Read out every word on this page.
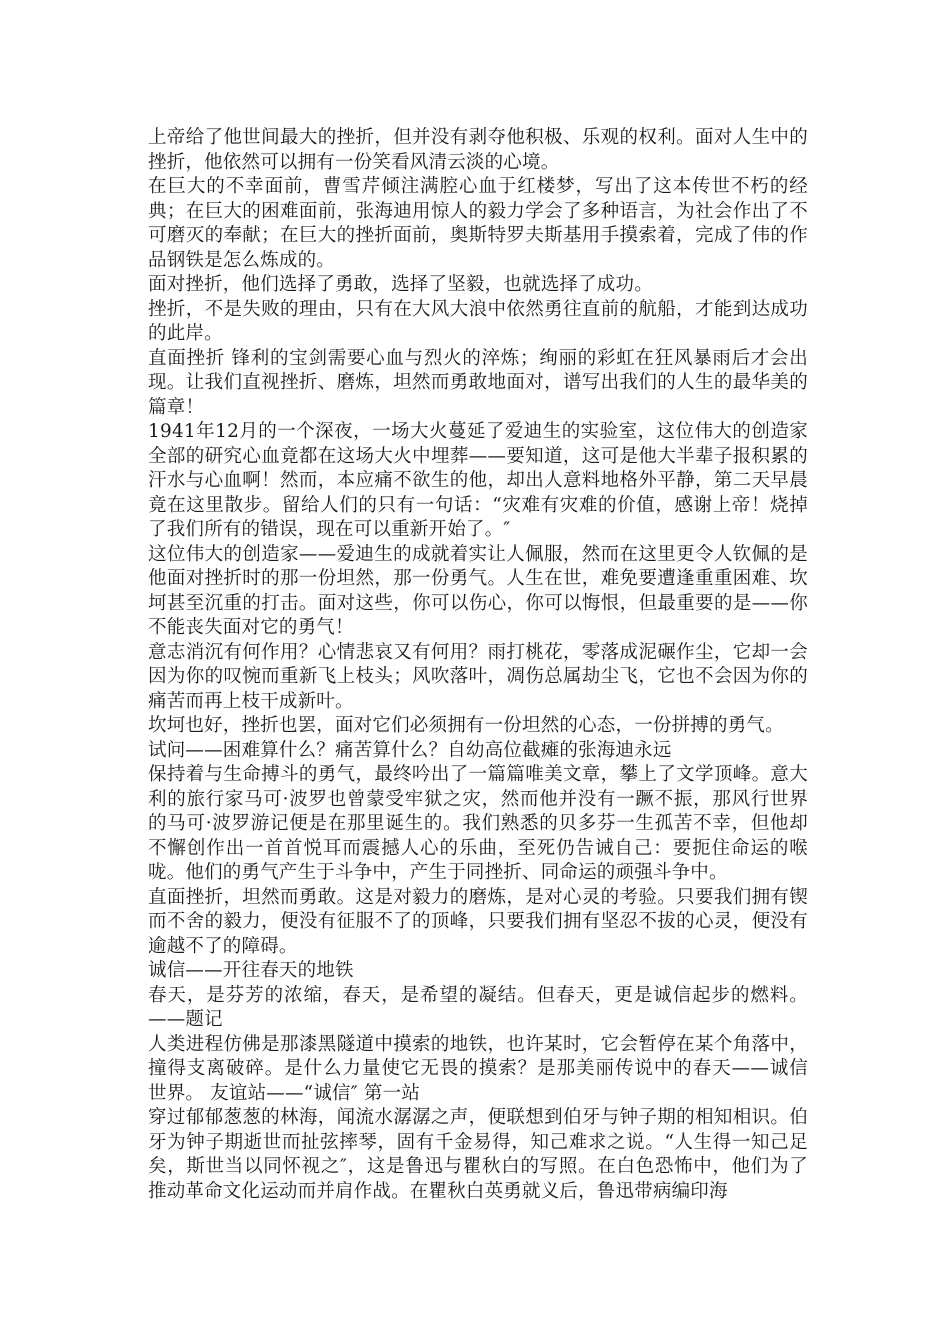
上帝给了他世间最大的挫折，但并没有剥夺他积极、乐观的权利。面对人生中的挫折，他依然可以拥有一份笑看风清云淡的心境。

在巨大的不幸面前，曹雪芹倾注满腔心血于红楼梦，写出了这本传世不朽的经典；在巨大的困难面前，张海迪用惊人的毅力学会了多种语言，为社会作出了不可磨灭的奉献；在巨大的挫折面前，奥斯特罗夫斯基用手摸索着，完成了伟的作品钢铁是怎么炼成的。

面对挫折，他们选择了勇敢，选择了坚毅，也就选择了成功。

挫折，不是失败的理由，只有在大风大浪中依然勇往直前的航船，才能到达成功的此岸。

直面挫折 锋利的宝剑需要心血与烈火的淬炼；绚丽的彩虹在狂风暴雨后才会出现。让我们直视挫折、磨炼，坦然而勇敢地面对，谱写出我们的人生的最华美的篇章！

1941年12月的一个深夜，一场大火蔓延了爱迪生的实验室，这位伟大的创造家全部的研究心血竟都在这场大火中埋葬——要知道，这可是他大半辈子报积累的汗水与心血啊！然而，本应痛不欲生的他，却出人意料地格外平静，第二天早晨竟在这里散步。留给人们的只有一句话：“灾难有灾难的价值，感谢上帝！烧掉了我们所有的错误，现在可以重新开始了。″

这位伟大的创造家——爱迪生的成就着实让人佩服，然而在这里更令人钦佩的是他面对挫折时的那一份坦然，那一份勇气。人生在世，难免要遭逢重重困难、坎坷甚至沉重的打击。面对这些，你可以伤心，你可以悔恨，但最重要的是——你不能丧失面对它的勇气！

意志消沉有何作用？心情悲哀又有何用？雨打桃花，零落成泥碾作尘，它却一会因为你的叹惋而重新飞上枝头；风吹落叶，凋伤总属劫尘飞，它也不会因为你的痛苦而再上枝干成新叶。

坎坷也好，挫折也罢，面对它们必须拥有一份坦然的心态，一份拼搏的勇气。

试问——困难算什么？痛苦算什么？自幼高位截瘫的张海迪永远

保持着与生命搏斗的勇气，最终吟出了一篇篇唯美文章，攀上了文学顶峰。意大利的旅行家马可·波罗也曾蒙受牢狱之灾，然而他并没有一蹶不振，那风行世界的马可·波罗游记便是在那里诞生的。我们熟悉的贝多芬一生孤苦不幸，但他却不懈创作出一首首悦耳而震撼人心的乐曲，至死仍告诫自己：要扼住命运的喉咙。他们的勇气产生于斗争中，产生于同挫折、同命运的顽强斗争中。

直面挫折，坦然而勇敢。这是对毅力的磨炼，是对心灵的考验。只要我们拥有锲而不舍的毅力，便没有征服不了的顶峰，只要我们拥有坚忍不拔的心灵，便没有逾越不了的障碍。

诚信——开往春天的地铁

春天，是芬芳的浓缩，春天，是希望的凝结。但春天，更是诚信起步的燃料。——题记

人类进程仿佛是那漆黑隧道中摸索的地铁，也许某时，它会暂停在某个角落中，撞得支离破碎。是什么力量使它无畏的摸索？是那美丽传说中的春天——诚信 世界。 友谊站——“诚信″ 第一站

穿过郁郁葱葱的林海，闻流水潺潺之声，便联想到伯牙与钟子期的相知相识。伯牙为钟子期逝世而扯弦摔琴，固有千金易得，知己难求之说。“人生得一知己足矣，斯世当以同怀视之″，这是鲁迅与瞿秋白的写照。在白色恐怖中，他们为了推动革命文化运动而并肩作战。在瞿秋白英勇就义后，鲁迅带病编印海
